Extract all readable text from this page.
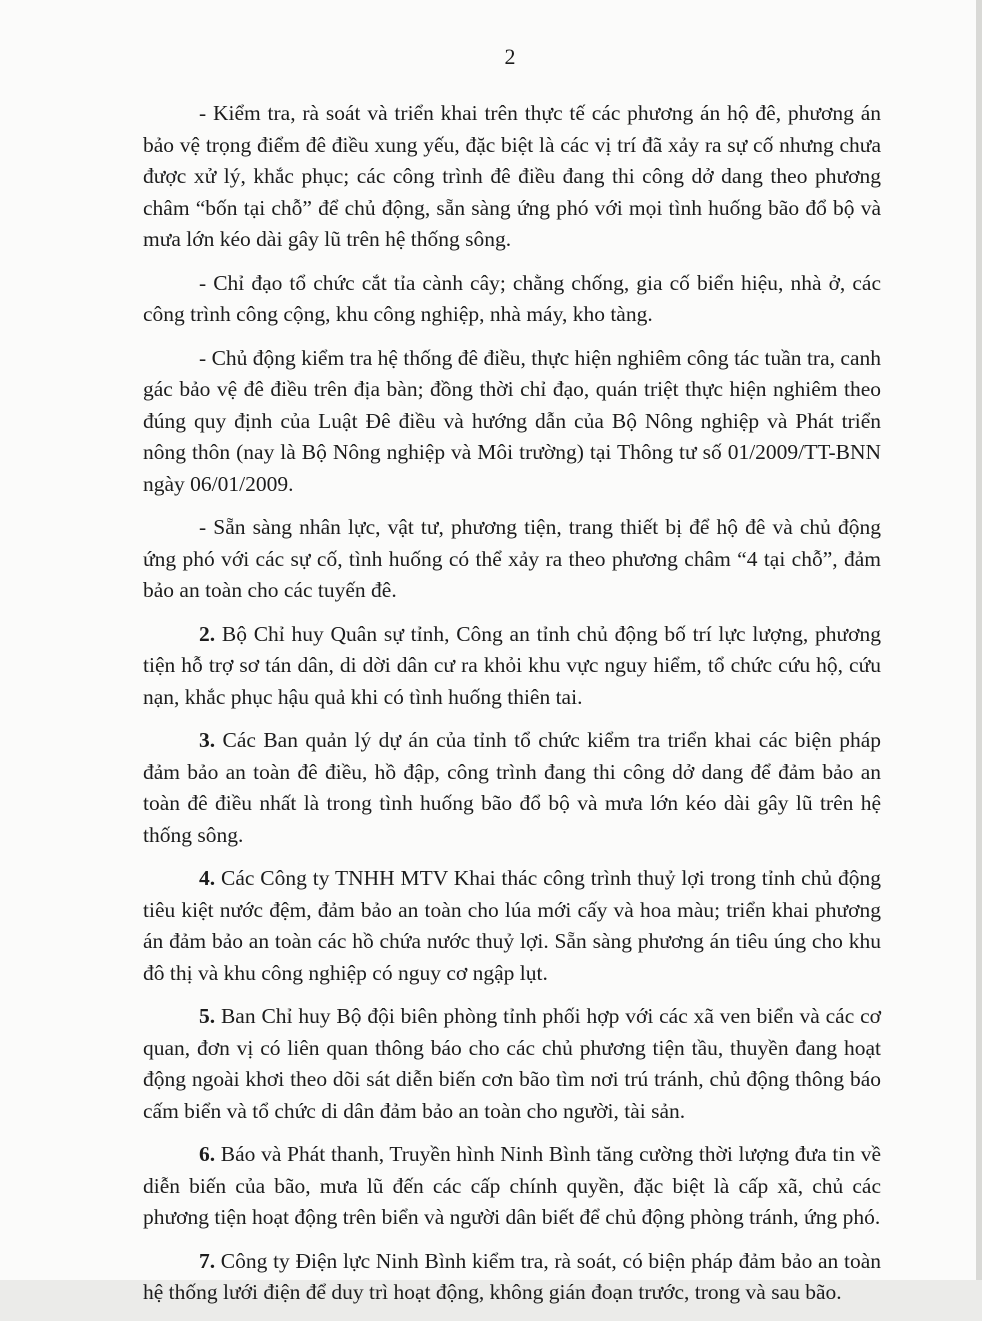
2

- Kiểm tra, rà soát và triển khai trên thực tế các phương án hộ đê, phương án bảo vệ trọng điểm đê điều xung yếu, đặc biệt là các vị trí đã xảy ra sự cố nhưng chưa được xử lý, khắc phục; các công trình đê điều đang thi công dở dang theo phương châm “bốn tại chỗ” để chủ động, sẵn sàng ứng phó với mọi tình huống bão đổ bộ và mưa lớn kéo dài gây lũ trên hệ thống sông.

- Chỉ đạo tổ chức cắt tỉa cành cây; chằng chống, gia cố biển hiệu, nhà ở, các công trình công cộng, khu công nghiệp, nhà máy, kho tàng.

- Chủ động kiểm tra hệ thống đê điều, thực hiện nghiêm công tác tuần tra, canh gác bảo vệ đê điều trên địa bàn; đồng thời chỉ đạo, quán triệt thực hiện nghiêm theo đúng quy định của Luật Đê điều và hướng dẫn của Bộ Nông nghiệp và Phát triển nông thôn (nay là Bộ Nông nghiệp và Môi trường) tại Thông tư số 01/2009/TT-BNN ngày 06/01/2009.

- Sẵn sàng nhân lực, vật tư, phương tiện, trang thiết bị để hộ đê và chủ động ứng phó với các sự cố, tình huống có thể xảy ra theo phương châm “4 tại chỗ”, đảm bảo an toàn cho các tuyến đê.

2. Bộ Chỉ huy Quân sự tỉnh, Công an tỉnh chủ động bố trí lực lượng, phương tiện hỗ trợ sơ tán dân, di dời dân cư ra khỏi khu vực nguy hiểm, tổ chức cứu hộ, cứu nạn, khắc phục hậu quả khi có tình huống thiên tai.

3. Các Ban quản lý dự án của tỉnh tổ chức kiểm tra triển khai các biện pháp đảm bảo an toàn đê điều, hồ đập, công trình đang thi công dở dang để đảm bảo an toàn đê điều nhất là trong tình huống bão đổ bộ và mưa lớn kéo dài gây lũ trên hệ thống sông.

4. Các Công ty TNHH MTV Khai thác công trình thuỷ lợi trong tỉnh chủ động tiêu kiệt nước đệm, đảm bảo an toàn cho lúa mới cấy và hoa màu; triển khai phương án đảm bảo an toàn các hồ chứa nước thuỷ lợi. Sẵn sàng phương án tiêu úng cho khu đô thị và khu công nghiệp có nguy cơ ngập lụt.

5. Ban Chỉ huy Bộ đội biên phòng tỉnh phối hợp với các xã ven biển và các cơ quan, đơn vị có liên quan thông báo cho các chủ phương tiện tầu, thuyền đang hoạt động ngoài khơi theo dõi sát diễn biến cơn bão tìm nơi trú tránh, chủ động thông báo cấm biển và tổ chức di dân đảm bảo an toàn cho người, tài sản.

6. Báo và Phát thanh, Truyền hình Ninh Bình tăng cường thời lượng đưa tin về diễn biến của bão, mưa lũ đến các cấp chính quyền, đặc biệt là cấp xã, chủ các phương tiện hoạt động trên biển và người dân biết để chủ động phòng tránh, ứng phó.

7. Công ty Điện lực Ninh Bình kiểm tra, rà soát, có biện pháp đảm bảo an toàn hệ thống lưới điện để duy trì hoạt động, không gián đoạn trước, trong và sau bão.
